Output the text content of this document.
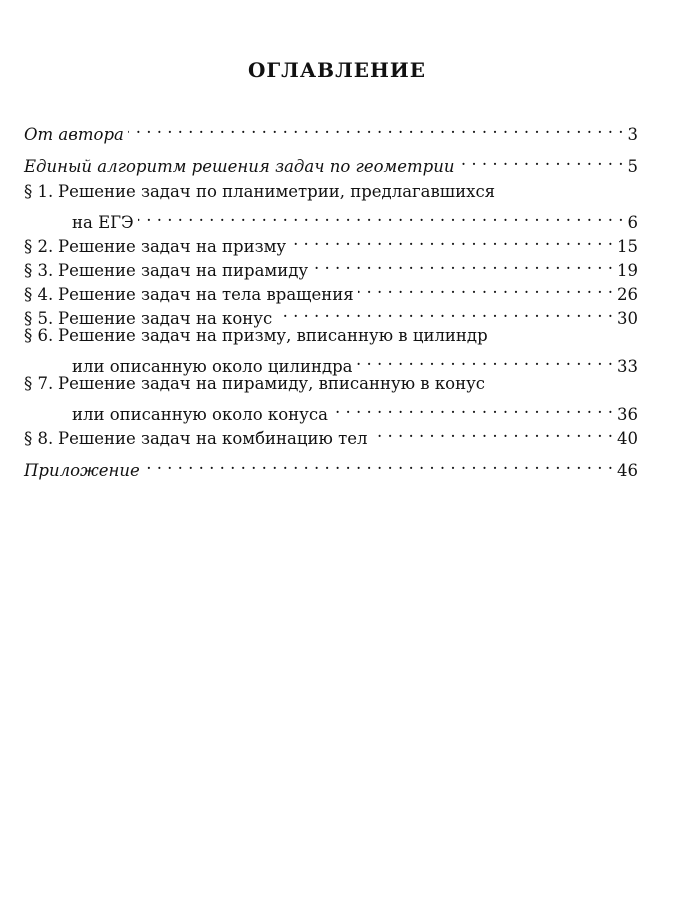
ОГЛАВЛЕНИЕ
От автора . . .	3
Единый алгоритм решения задач по геометрии . . .	5
§ 1. Решение задач по планиметрии, предлагавшихся
на ЕГЭ . . .	6
§ 2. Решение задач на призму . . .	15
§ 3. Решение задач на пирамиду . . .	19
§ 4. Решение задач на тела вращения . . .	26
§ 5. Решение задач на конус . . .	30
§ 6. Решение задач на призму, вписанную в цилиндр
или описанную около цилиндра . . .	33
§ 7. Решение задач на пирамиду, вписанную в конус
или описанную около конуса . . .	36
§ 8. Решение задач на комбинацию тел . . .	40
Приложение . . .	46
